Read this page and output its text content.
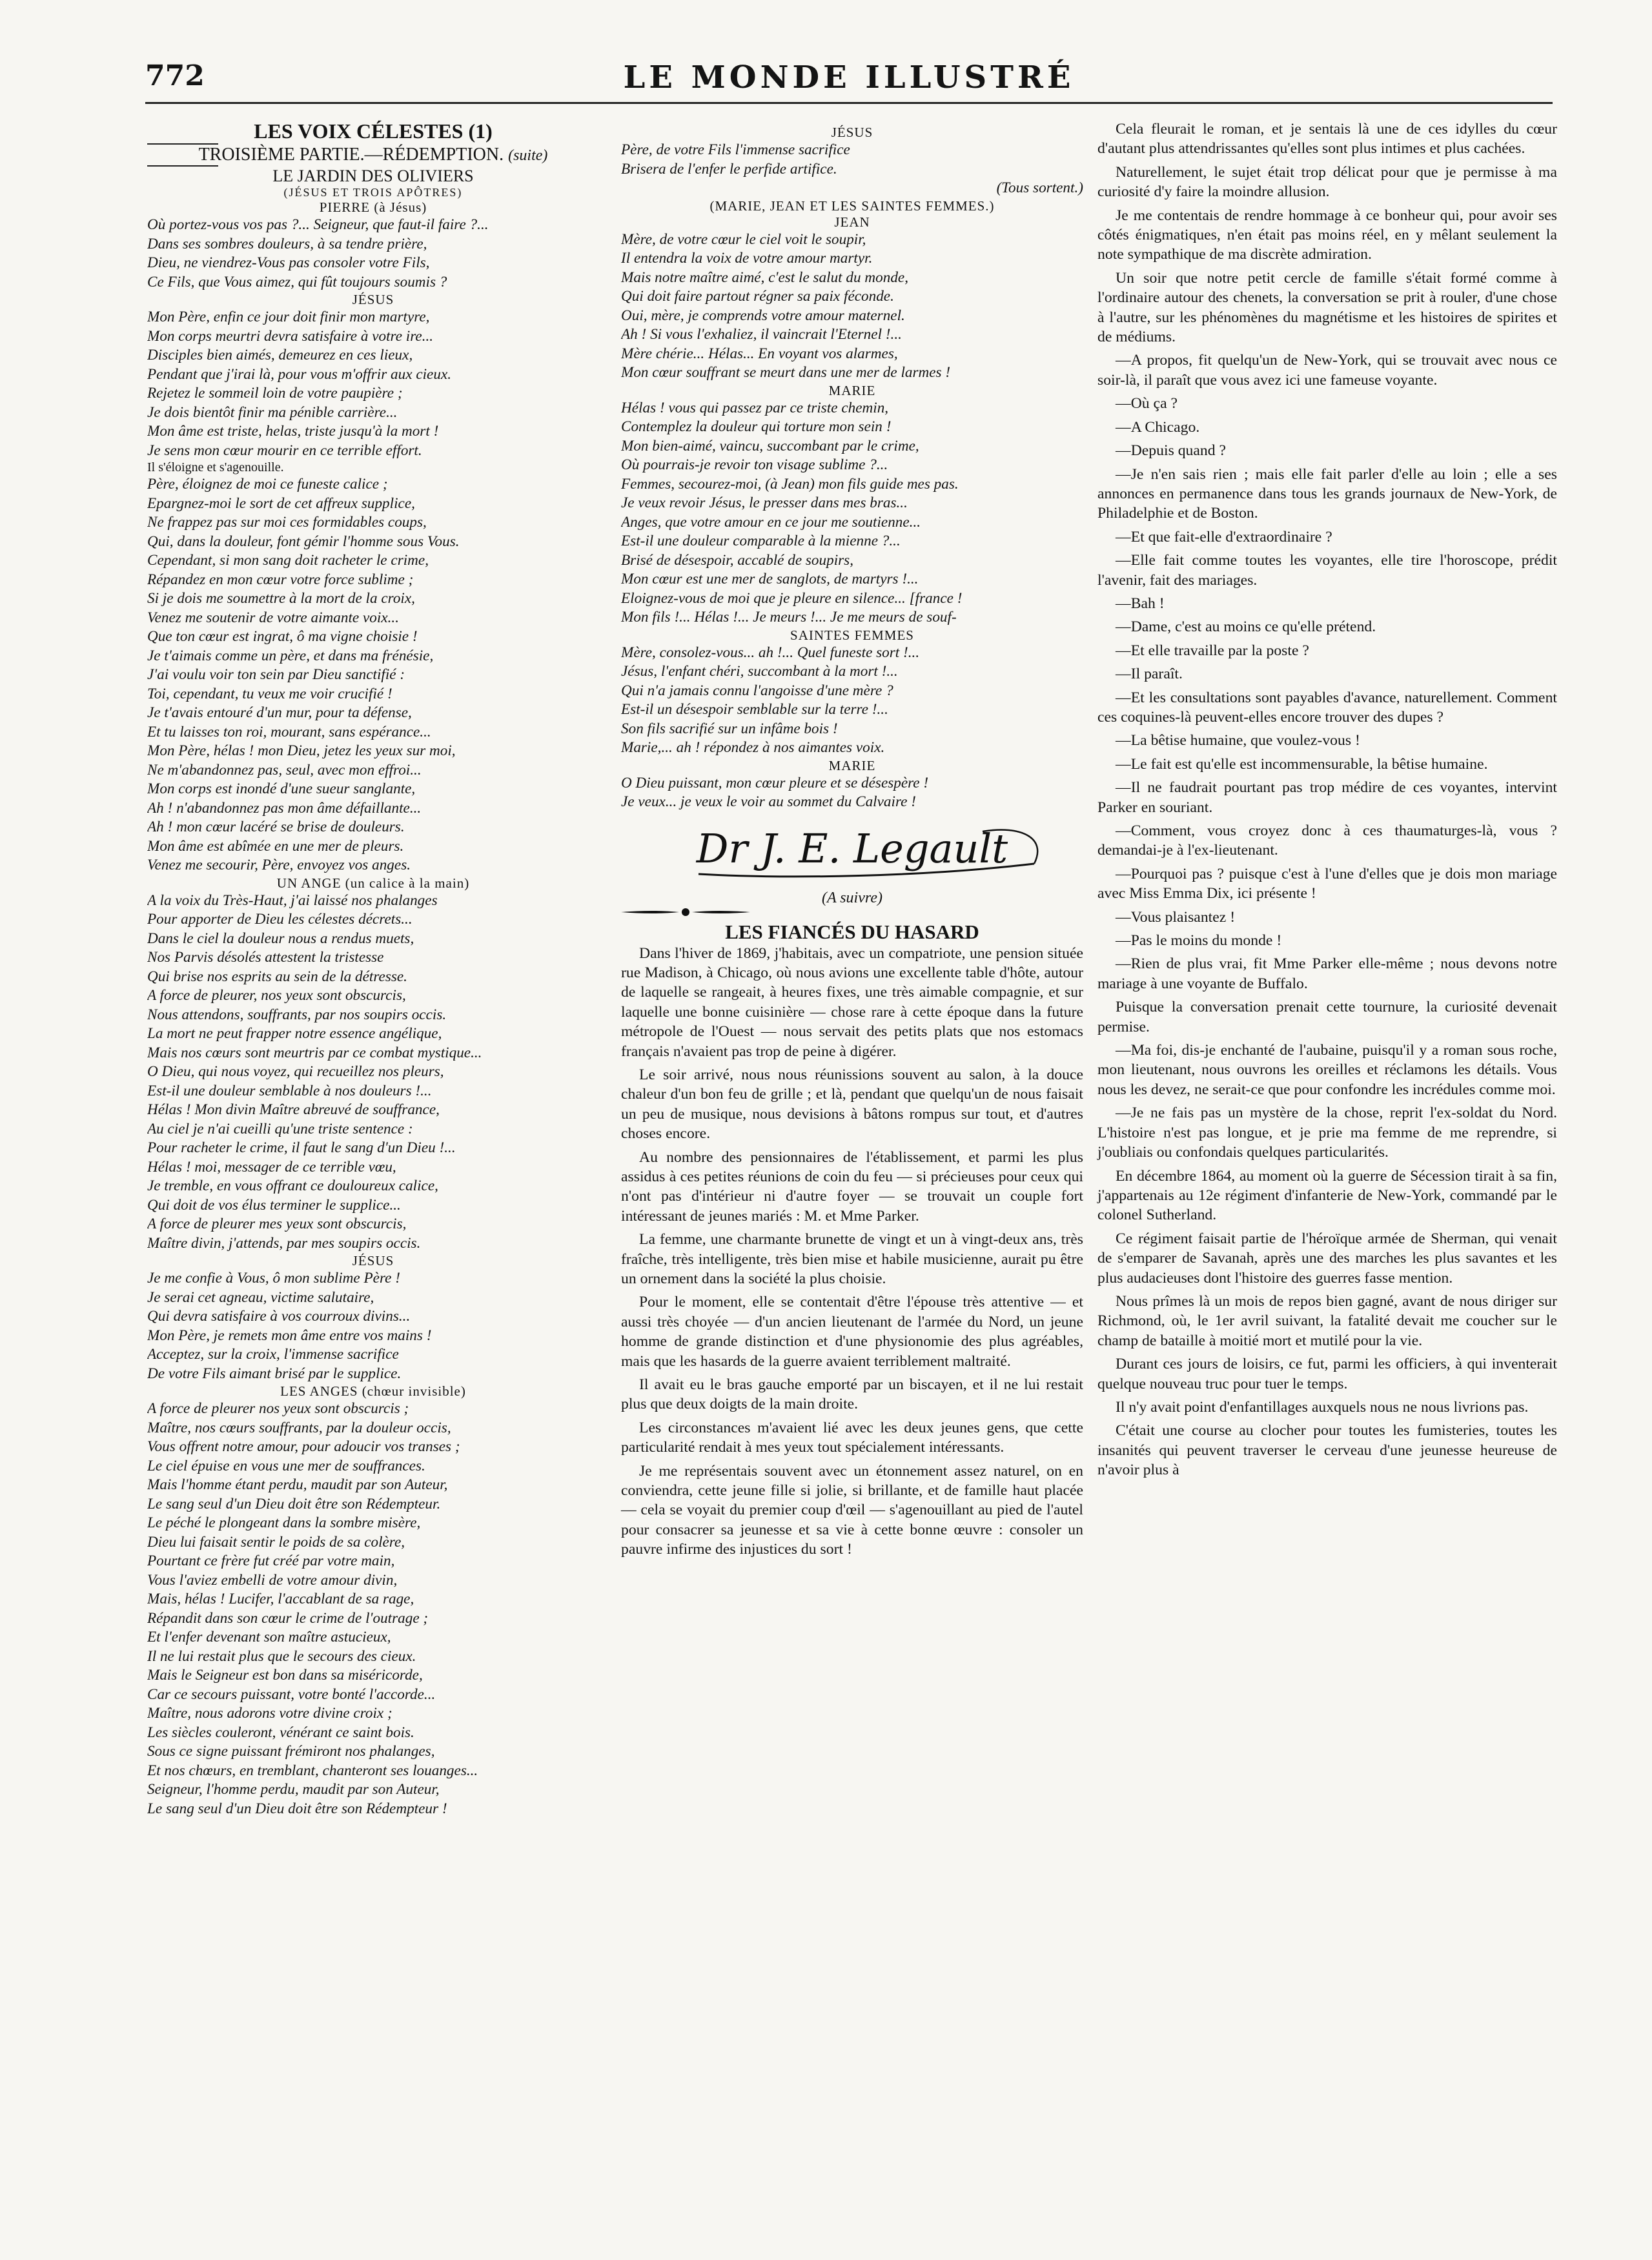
772	LE MONDE ILLUSTRÉ
LES VOIX CÉLESTES (1)
TROISIÈME PARTIE.—RÉDEMPTION. (suite)
LE JARDIN DES OLIVIERS
(JÉSUS ET TROIS APÔTRES)
PIERRE (à Jésus)
Où portez-vous vos pas ?... Seigneur, que faut-il faire ?...
Dans ses sombres douleurs, à sa tendre prière,
Dieu, ne viendrez-Vous pas consoler votre Fils,
Ce Fils, que Vous aimez, qui fût toujours soumis ?
JÉSUS
Mon Père, enfin ce jour doit finir mon martyre,
Mon corps meurtri devra satisfaire à votre ire...
Disciples bien aimés, demeurez en ces lieux,
Pendant que j'irai là, pour vous m'offrir aux cieux.
Rejetez le sommeil loin de votre paupière ;
Je dois bientôt finir ma pénible carrière...
Mon âme est triste, helas, triste jusqu'à la mort !
Je sens mon cœur mourir en ce terrible effort.
Il s'éloigne et s'agenouille.
Père, éloignez de moi ce funeste calice ;
Epargnez-moi le sort de cet affreux supplice,
Ne frappez pas sur moi ces formidables coups,
Qui, dans la douleur, font gémir l'homme sous Vous.
Cependant, si mon sang doit racheter le crime,
Répandez en mon cœur votre force sublime ;
Si je dois me soumettre à la mort de la croix,
Venez me soutenir de votre aimante voix...
Que ton cœur est ingrat, ô ma vigne choisie !
Je t'aimais comme un père, et dans ma frénésie,
J'ai voulu voir ton sein par Dieu sanctifié :
Toi, cependant, tu veux me voir crucifié !
Je t'avais entouré d'un mur, pour ta défense,
Et tu laisses ton roi, mourant, sans espérance...
Mon Père, hélas ! mon Dieu, jetez les yeux sur moi,
Ne m'abandonnez pas, seul, avec mon effroi...
Mon corps est inondé d'une sueur sanglante,
Ah ! n'abandonnez pas mon âme défaillante...
Ah ! mon cœur lacéré se brise de douleurs.
Mon âme est abîmée en une mer de pleurs.
Venez me secourir, Père, envoyez vos anges.
UN ANGE (un calice à la main)
A la voix du Très-Haut, j'ai laissé nos phalanges
Pour apporter de Dieu les célestes décrets...
Dans le ciel la douleur nous a rendus muets,
Nos Parvis désolés attestent la tristesse
Qui brise nos esprits au sein de la détresse.
A force de pleurer, nos yeux sont obscurcis,
Nous attendons, souffrants, par nos soupirs occis.
La mort ne peut frapper notre essence angélique,
Mais nos cœurs sont meurtris par ce combat mystique...
O Dieu, qui nous voyez, qui recueillez nos pleurs,
Est-il une douleur semblable à nos douleurs !...
Hélas ! Mon divin Maître abreuvé de souffrance,
Au ciel je n'ai cueilli qu'une triste sentence :
Pour racheter le crime, il faut le sang d'un Dieu !...
Hélas ! moi, messager de ce terrible vœu,
Je tremble, en vous offrant ce douloureux calice,
Qui doit de vos élus terminer le supplice...
A force de pleurer mes yeux sont obscurcis,
Maître divin, j'attends, par mes soupirs occis.
JÉSUS
Je me confie à Vous, ô mon sublime Père !
Je serai cet agneau, victime salutaire,
Qui devra satisfaire à vos courroux divins...
Mon Père, je remets mon âme entre vos mains !
Acceptez, sur la croix, l'immense sacrifice
De votre Fils aimant brisé par le supplice.
LES ANGES (chœur invisible)
A force de pleurer nos yeux sont obscurcis ;
Maître, nos cœurs souffrants, par la douleur occis,
Vous offrent notre amour, pour adoucir vos transes ;
Le ciel épuise en vous une mer de souffrances.
Mais l'homme étant perdu, maudit par son Auteur,
Le sang seul d'un Dieu doit être son Rédempteur.
Le péché le plongeant dans la sombre misère,
Dieu lui faisait sentir le poids de sa colère,
Pourtant ce frère fut créé par votre main,
Vous l'aviez embelli de votre amour divin,
Mais, hélas ! Lucifer, l'accablant de sa rage,
Répandit dans son cœur le crime de l'outrage ;
Et l'enfer devenant son maître astucieux,
Il ne lui restait plus que le secours des cieux.
Mais le Seigneur est bon dans sa miséricorde,
Car ce secours puissant, votre bonté l'accorde...
Maître, nous adorons votre divine croix ;
Les siècles couleront, vénérant ce saint bois.
Sous ce signe puissant frémiront nos phalanges,
Et nos chœurs, en tremblant, chanteront ses louanges...
Seigneur, l'homme perdu, maudit par son Auteur,
Le sang seul d'un Dieu doit être son Rédempteur !
JÉSUS
Père, de votre Fils l'immense sacrifice
Brisera de l'enfer le perfide artifice.
(Tous sortent.)
(MARIE, JEAN ET LES SAINTES FEMMES.)
JEAN
Mère, de votre cœur le ciel voit le soupir,
Il entendra la voix de votre amour martyr.
Mais notre maître aimé, c'est le salut du monde,
Qui doit faire partout régner sa paix féconde.
Oui, mère, je comprends votre amour maternel.
Ah ! Si vous l'exhaliez, il vaincrait l'Eternel !...
Mère chérie... Hélas... En voyant vos alarmes,
Mon cœur souffrant se meurt dans une mer de larmes !
MARIE
Hélas ! vous qui passez par ce triste chemin,
Contemplez la douleur qui torture mon sein !
Mon bien-aimé, vaincu, succombant par le crime,
Où pourrais-je revoir ton visage sublime ?...
Femmes, secourez-moi, (à Jean) mon fils guide mes pas.
Je veux revoir Jésus, le presser dans mes bras...
Anges, que votre amour en ce jour me soutienne...
Est-il une douleur comparable à la mienne ?...
Brisé de désespoir, accablé de soupirs,
Mon cœur est une mer de sanglots, de martyrs !...
Eloignez-vous de moi que je pleure en silence... [france !
Mon fils !... Hélas !... Je meurs !... Je me meurs de souf-
SAINTES FEMMES
Mère, consolez-vous... ah !... Quel funeste sort !...
Jésus, l'enfant chéri, succombant à la mort !...
Qui n'a jamais connu l'angoisse d'une mère ?
Est-il un désespoir semblable sur la terre !...
Son fils sacrifié sur un infâme bois !
Marie,... ah ! répondez à nos aimantes voix.
MARIE
O Dieu puissant, mon cœur pleure et se désespère !
Je veux... je veux le voir au sommet du Calvaire !
Dr J. E. Legault
(A suivre)
LES FIANCÉS DU HASARD

Dans l'hiver de 1869, j'habitais, avec un compatriote, une pension située rue Madison, à Chicago, où nous avions une excellente table d'hôte, autour de laquelle se rangeait, à heures fixes, une très aimable compagnie, et sur laquelle une bonne cuisinière — chose rare à cette époque dans la future métropole de l'Ouest — nous servait des petits plats que nos estomacs français n'avaient pas trop de peine à digérer.

Le soir arrivé, nous nous réunissions souvent au salon, à la douce chaleur d'un bon feu de grille ; et là, pendant que quelqu'un de nous faisait un peu de musique, nous devisions à bâtons rompus sur tout, et d'autres choses encore.

Au nombre des pensionnaires de l'établissement, et parmi les plus assidus à ces petites réunions de coin du feu — si précieuses pour ceux qui n'ont pas d'intérieur ni d'autre foyer — se trouvait un couple fort intéressant de jeunes mariés : M. et Mme Parker.

La femme, une charmante brunette de vingt et un à vingt-deux ans, très fraîche, très intelligente, très bien mise et habile musicienne, aurait pu être un ornement dans la société la plus choisie.

Pour le moment, elle se contentait d'être l'épouse très attentive — et aussi très choyée — d'un ancien lieutenant de l'armée du Nord, un jeune homme de grande distinction et d'une physionomie des plus agréables, mais que les hasards de la guerre avaient terriblement maltraité.

Il avait eu le bras gauche emporté par un biscayen, et il ne lui restait plus que deux doigts de la main droite.

Les circonstances m'avaient lié avec les deux jeunes gens, que cette particularité rendait à mes yeux tout spécialement intéressants.

Je me représentais souvent avec un étonnement assez naturel, on en conviendra, cette jeune fille si jolie, si brillante, et de famille haut placée — cela se voyait du premier coup d'œil — s'agenouillant au pied de l'autel pour consacrer sa jeunesse et sa vie à cette bonne œuvre : consoler un pauvre infirme des injustices du sort !

Cela fleurait le roman, et je sentais là une de ces idylles du cœur d'autant plus attendrissantes qu'elles sont plus intimes et plus cachées.

Naturellement, le sujet était trop délicat pour que je permisse à ma curiosité d'y faire la moindre allusion.

Je me contentais de rendre hommage à ce bonheur qui, pour avoir ses côtés énigmatiques, n'en était pas moins réel, en y mêlant seulement la note sympathique de ma discrète admiration.

Un soir que notre petit cercle de famille s'était formé comme à l'ordinaire autour des chenets, la conversation se prit à rouler, d'une chose à l'autre, sur les phénomènes du magnétisme et les histoires de spirites et de médiums.

—A propos, fit quelqu'un de New-York, qui se trouvait avec nous ce soir-là, il paraît que vous avez ici une fameuse voyante.

—Où ça ?

—A Chicago.

—Depuis quand ?

—Je n'en sais rien ; mais elle fait parler d'elle au loin ; elle a ses annonces en permanence dans tous les grands journaux de New-York, de Philadelphie et de Boston.

—Et que fait-elle d'extraordinaire ?

—Elle fait comme toutes les voyantes, elle tire l'horoscope, prédit l'avenir, fait des mariages.

—Bah !

—Dame, c'est au moins ce qu'elle prétend.

—Et elle travaille par la poste ?

—Il paraît.

—Et les consultations sont payables d'avance, naturellement. Comment ces coquines-là peuvent-elles encore trouver des dupes ?

—La bêtise humaine, que voulez-vous !

—Le fait est qu'elle est incommensurable, la bêtise humaine.

—Il ne faudrait pourtant pas trop médire de ces voyantes, intervint Parker en souriant.

—Comment, vous croyez donc à ces thaumaturges-là, vous ? demandai-je à l'ex-lieutenant.

—Pourquoi pas ? puisque c'est à l'une d'elles que je dois mon mariage avec Miss Emma Dix, ici présente !

—Vous plaisantez !

—Pas le moins du monde !

—Rien de plus vrai, fit Mme Parker elle-même ; nous devons notre mariage à une voyante de Buffalo.

Puisque la conversation prenait cette tournure, la curiosité devenait permise.

—Ma foi, dis-je enchanté de l'aubaine, puisqu'il y a roman sous roche, mon lieutenant, nous ouvrons les oreilles et réclamons les détails. Vous nous les devez, ne serait-ce que pour confondre les incrédules comme moi.

—Je ne fais pas un mystère de la chose, reprit l'ex-soldat du Nord. L'histoire n'est pas longue, et je prie ma femme de me reprendre, si j'oubliais ou confondais quelques particularités.

En décembre 1864, au moment où la guerre de Sécession tirait à sa fin, j'appartenais au 12e régiment d'infanterie de New-York, commandé par le colonel Sutherland.

Ce régiment faisait partie de l'héroïque armée de Sherman, qui venait de s'emparer de Savanah, après une des marches les plus savantes et les plus audacieuses dont l'histoire des guerres fasse mention.

Nous prîmes là un mois de repos bien gagné, avant de nous diriger sur Richmond, où, le 1er avril suivant, la fatalité devait me coucher sur le champ de bataille à moitié mort et mutilé pour la vie.

Durant ces jours de loisirs, ce fut, parmi les officiers, à qui inventerait quelque nouveau truc pour tuer le temps.

Il n'y avait point d'enfantillages auxquels nous ne nous livrions pas.

C'était une course au clocher pour toutes les fumisteries, toutes les insanités qui peuvent traverser le cerveau d'une jeunesse heureuse de n'avoir plus à
